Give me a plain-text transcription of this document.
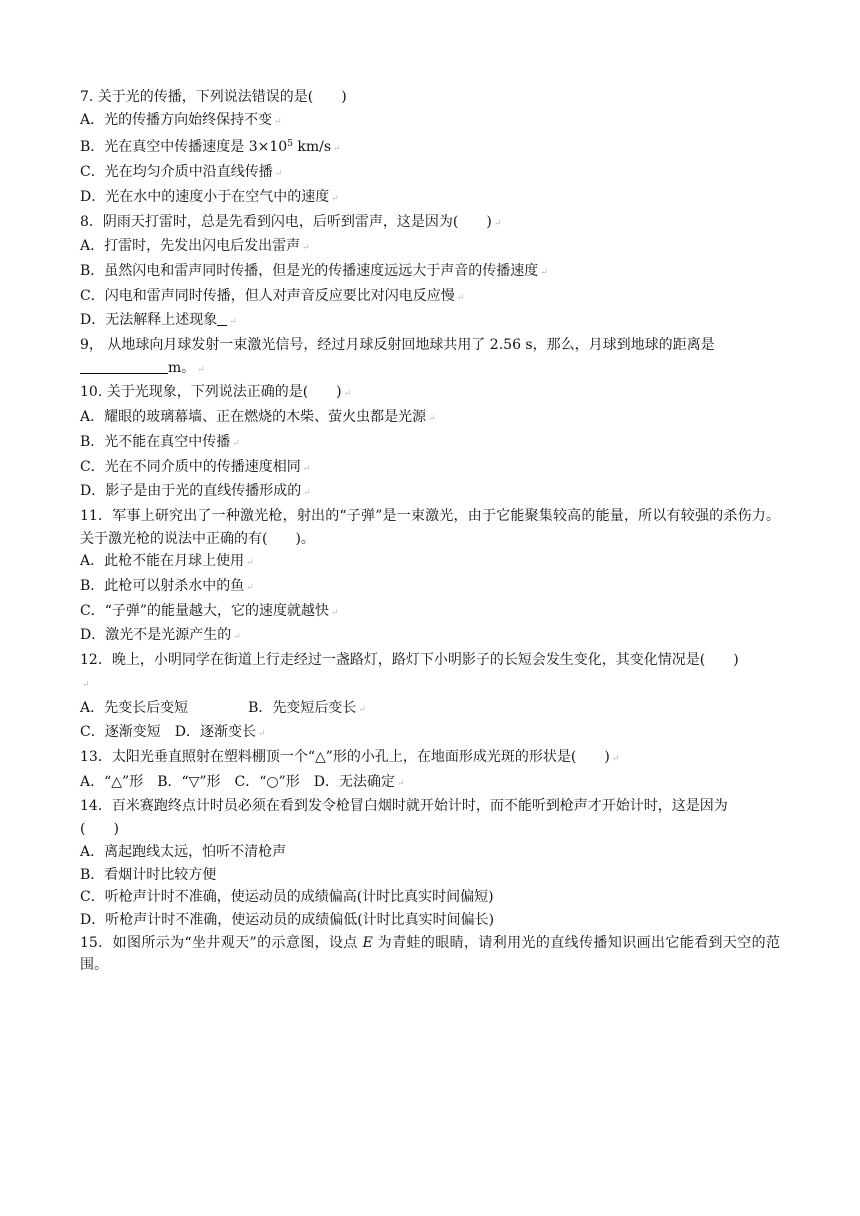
7. 关于光的传播，下列说法错误的是(　　)
A．光的传播方向始终保持不变 ↵
B．光在真空中传播速度是 $3\times 10^5$ km/s ↵
C．光在均匀介质中沿直线传播 ↵
D．光在水中的速度小于在空气中的速度 ↵
8．阴雨天打雷时，总是先看到闪电，后听到雷声，这是因为(　　) ↵
A．打雷时，先发出闪电后发出雷声 ↵
B．虽然闪电和雷声同时传播，但是光的传播速度远远大于声音的传播速度 ↵
C．闪电和雷声同时传播，但人对声音反应要比对闪电反应慢 ↵
D．无法解释上述现象 ↵
9， 从地球向月球发射一束激光信号，经过月球反射回地球共用了 2.56 s，那么，月球到地球的距离是
m。 ↵
10. 关于光现象，下列说法正确的是(　　) ↵
A．耀眼的玻璃幕墙、正在燃烧的木柴、萤火虫都是光源 ↵
B．光不能在真空中传播 ↵
C．光在不同介质中的传播速度相同 ↵
D．影子是由于光的直线传播形成的 ↵
11．军事上研究出了一种激光枪，射出的“子弹”是一束激光，由于它能聚集较高的能量，所以有较强的杀伤力。关于激光枪的说法中正确的有(　　)。
A．此枪不能在月球上使用 ↵
B．此枪可以射杀水中的鱼 ↵
C．“子弹”的能量越大，它的速度就越快 ↵
D．激光不是光源产生的 ↵
12．晚上，小明同学在街道上行走经过一盏路灯，路灯下小明影子的长短会发生变化，其变化情况是(　　)
↵
A．先变长后变短	B．先变短后变长 ↵
C．逐渐变短　 D．逐渐变长 ↵
13．太阳光垂直照射在塑料棚顶一个“△”形的小孔上，在地面形成光斑的形状是(　　) ↵
A．“△”形　B．“▽”形　C．“○”形　D．无法确定 ↵
14．百米赛跑终点计时员必须在看到发令枪冒白烟时就开始计时，而不能听到枪声才开始计时，这是因为
(　　)
A．离起跑线太远，怕听不清枪声
B．看烟计时比较方便
C．听枪声计时不准确，使运动员的成绩偏高(计时比真实时间偏短)
D．听枪声计时不准确，使运动员的成绩偏低(计时比真实时间偏长)
15．如图所示为“坐井观天”的示意图，设点 E 为青蛙的眼睛，请利用光的直线传播知识画出它能看到天空的范围。
